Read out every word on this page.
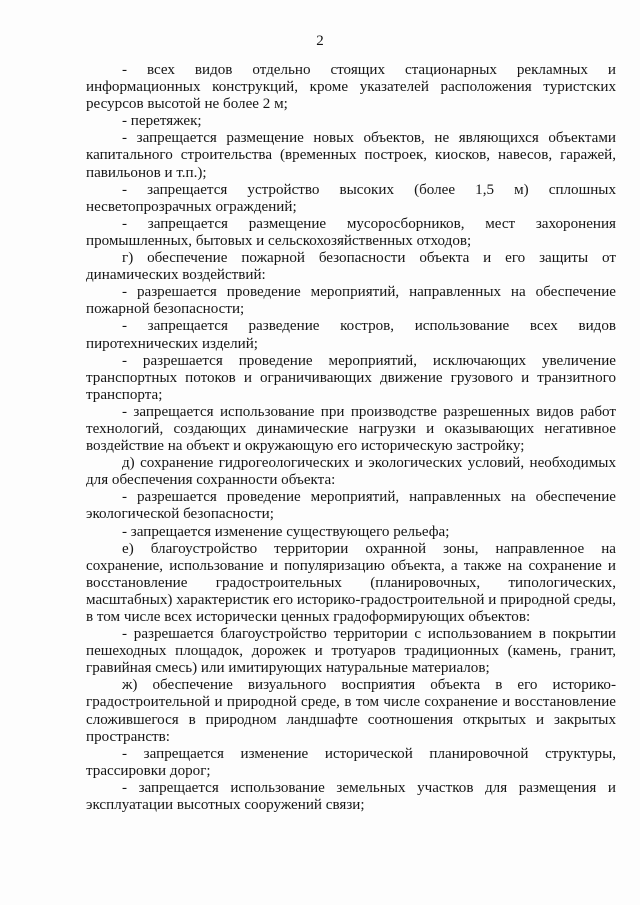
2

- всех видов отдельно стоящих стационарных рекламных и информационных конструкций, кроме указателей расположения туристских ресурсов высотой не более 2 м;

- перетяжек;

- запрещается размещение новых объектов, не являющихся объектами капитального строительства (временных построек, киосков, навесов, гаражей, павильонов и т.п.);

- запрещается устройство высоких (более 1,5 м) сплошных несветопрозрачных ограждений;

- запрещается размещение мусоросборников, мест захоронения промышленных, бытовых и сельскохозяйственных отходов;

г) обеспечение пожарной безопасности объекта и его защиты от динамических воздействий:

- разрешается проведение мероприятий, направленных на обеспечение пожарной безопасности;

- запрещается разведение костров, использование всех видов пиротехнических изделий;

- разрешается проведение мероприятий, исключающих увеличение транспортных потоков и ограничивающих движение грузового и транзитного транспорта;

- запрещается использование при производстве разрешенных видов работ технологий, создающих динамические нагрузки и оказывающих негативное воздействие на объект и окружающую его историческую застройку;

д) сохранение гидрогеологических и экологических условий, необходимых для обеспечения сохранности объекта:

- разрешается проведение мероприятий, направленных на обеспечение экологической безопасности;

- запрещается изменение существующего рельефа;

е) благоустройство территории охранной зоны, направленное на сохранение, использование и популяризацию объекта, а также на сохранение и восстановление градостроительных (планировочных, типологических, масштабных) характеристик его историко-градостроительной и природной среды, в том числе всех исторически ценных градоформирующих объектов:

- разрешается благоустройство территории с использованием в покрытии пешеходных площадок, дорожек и тротуаров традиционных (камень, гранит, гравийная смесь) или имитирующих натуральные материалов;

ж) обеспечение визуального восприятия объекта в его историко-градостроительной и природной среде, в том числе сохранение и восстановление сложившегося в природном ландшафте соотношения открытых и закрытых пространств:

- запрещается изменение исторической планировочной структуры, трассировки дорог;

- запрещается использование земельных участков для размещения и эксплуатации высотных сооружений связи;
